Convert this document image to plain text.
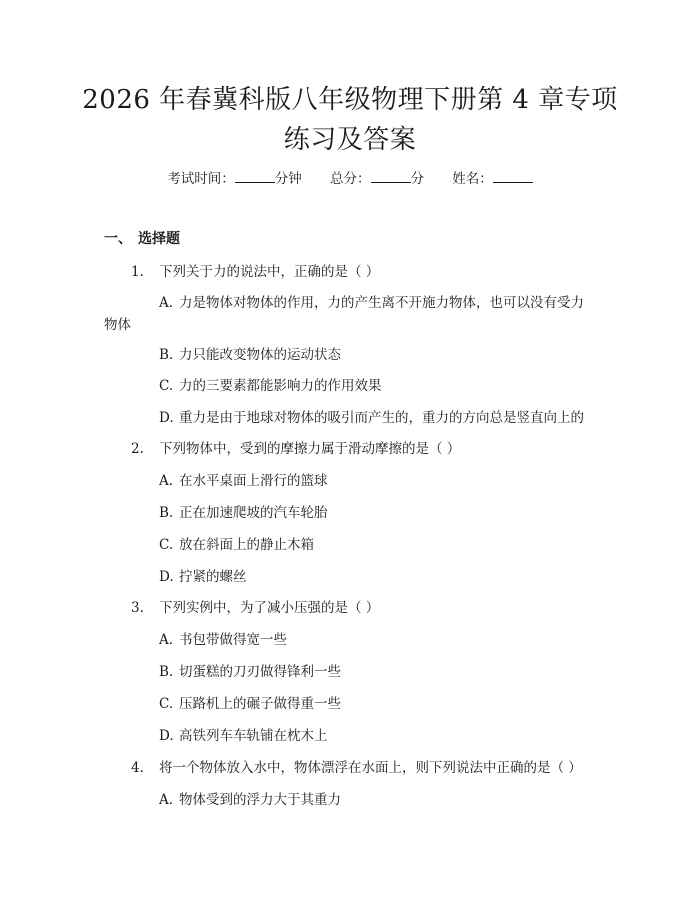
2026 年春冀科版八年级物理下册第 4 章专项
练习及答案
考试时间：	分钟 总分：	分 姓名：
一、 选择题
1. 下列关于力的说法中，正确的是（ ）
A. 力是物体对物体的作用，力的产生离不开施力物体，也可以没有受力
物体
B. 力只能改变物体的运动状态
C. 力的三要素都能影响力的作用效果
D. 重力是由于地球对物体的吸引而产生的，重力的方向总是竖直向上的
2. 下列物体中，受到的摩擦力属于滑动摩擦的是（ ）
A. 在水平桌面上滑行的篮球
B. 正在加速爬坡的汽车轮胎
C. 放在斜面上的静止木箱
D. 拧紧的螺丝
3. 下列实例中，为了减小压强的是（ ）
A. 书包带做得宽一些
B. 切蛋糕的刀刃做得锋利一些
C. 压路机上的碾子做得重一些
D. 高铁列车车轨铺在枕木上
4. 将一个物体放入水中，物体漂浮在水面上，则下列说法中正确的是（ ）
A. 物体受到的浮力大于其重力
